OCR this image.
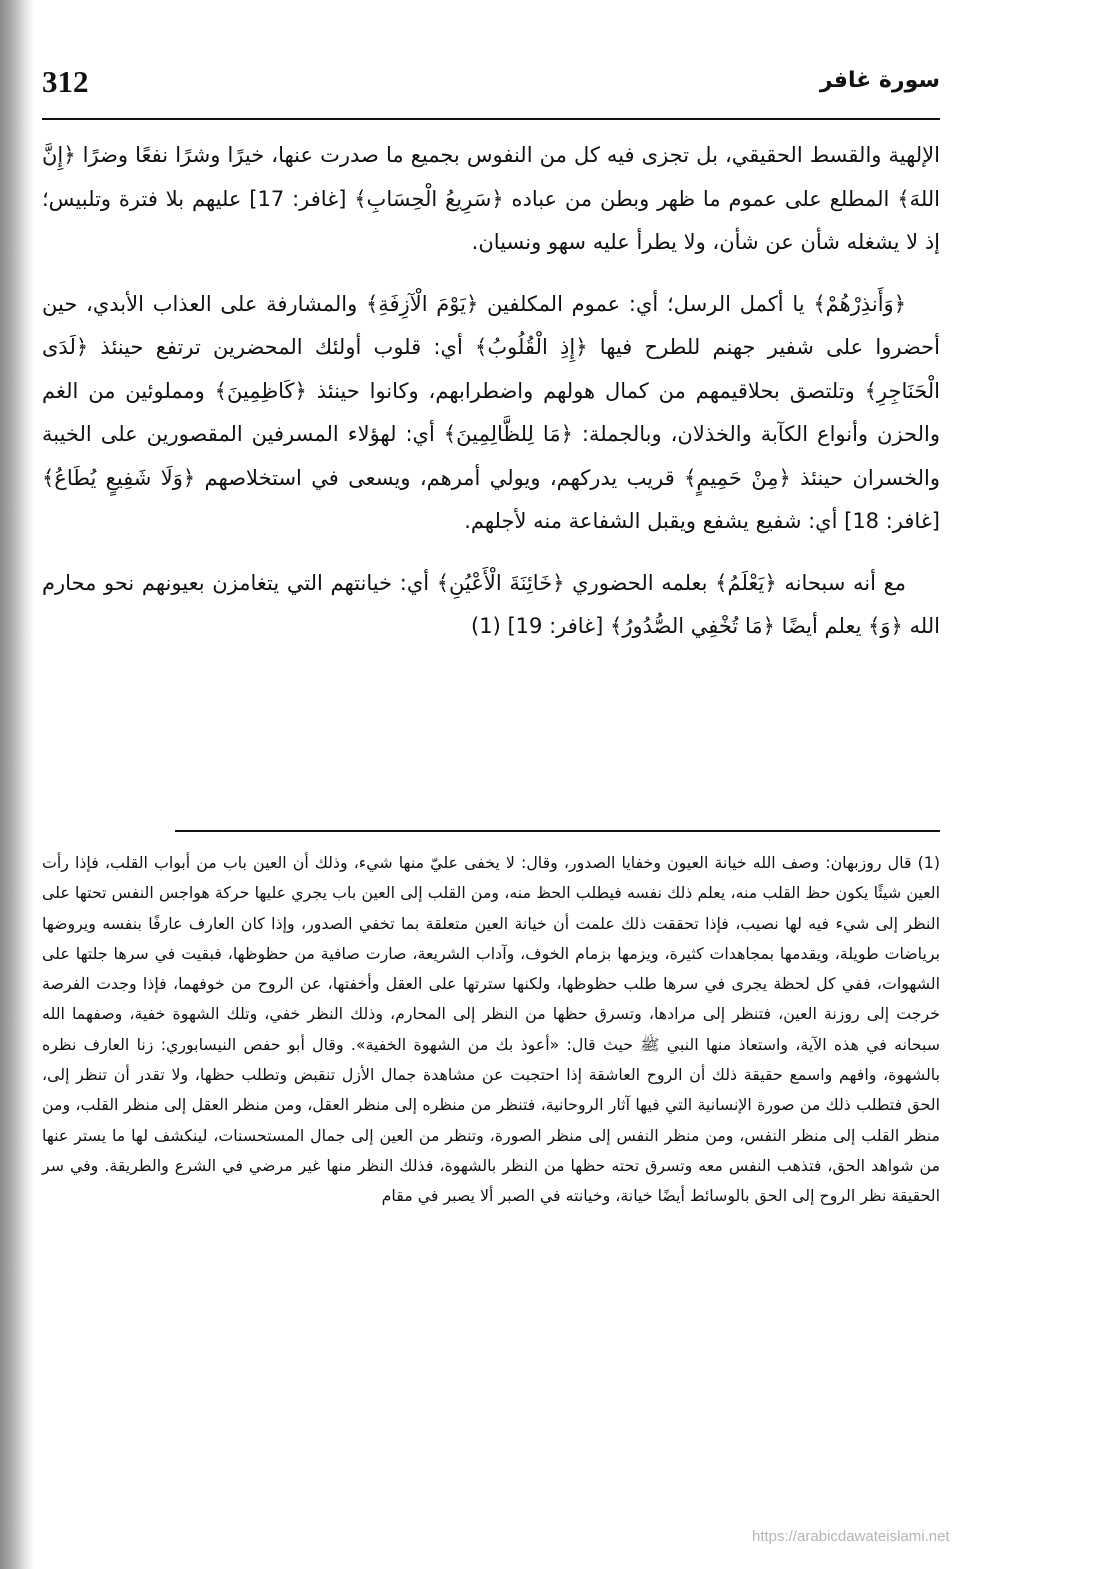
312	سورة غافر

الإلهية والقسط الحقيقي، بل تجزى فيه كل من النفوس بجميع ما صدرت عنها، خيرًا وشرًا نفعًا وضرًا ﴿إِنَّ اللهَ﴾ المطلع على عموم ما ظهر وبطن من عباده ﴿سَرِيعُ الْحِسَابِ﴾ [غافر: 17] عليهم بلا فترة وتلبيس؛ إذ لا يشغله شأن عن شأن، ولا يطرأ عليه سهو ونسيان.

﴿وَأَنذِرْهُمْ﴾ يا أكمل الرسل؛ أي: عموم المكلفين ﴿يَوْمَ الْآزِفَةِ﴾ والمشارفة على العذاب الأبدي، حين أحضروا على شفير جهنم للطرح فيها ﴿إِذِ الْقُلُوبُ﴾ أي: قلوب أولئك المحضرين ترتفع حينئذ ﴿لَدَى الْحَنَاجِرِ﴾ وتلتصق بحلاقيمهم من كمال هولهم واضطرابهم، وكانوا حينئذ ﴿كَاظِمِينَ﴾ ومملوئين من الغم والحزن وأنواع الكآبة والخذلان، وبالجملة: ﴿مَا لِلظَّالِمِينَ﴾ أي: لهؤلاء المسرفين المقصورين على الخيبة والخسران حينئذ ﴿مِنْ حَمِيمٍ﴾ قريب يدركهم، ويولي أمرهم، ويسعى في استخلاصهم ﴿وَلَا شَفِيعٍ يُطَاعُ﴾ [غافر: 18] أي: شفيع يشفع ويقبل الشفاعة منه لأجلهم.

مع أنه سبحانه ﴿يَعْلَمُ﴾ بعلمه الحضوري ﴿خَائِنَةَ الْأَعْيُنِ﴾ أي: خيانتهم التي يتغامزن بعيونهم نحو محارم الله ﴿وَ﴾ يعلم أيضًا ﴿مَا تُخْفِي الصُّدُورُ﴾ [غافر: 19] (1)

(1) قال روزبهان: وصف الله خيانة العيون وخفايا الصدور، وقال: لا يخفى عليّ منها شيء، وذلك أن العين باب من أبواب القلب، فإذا رأت العين شيئًا يكون حظ القلب منه، يعلم ذلك نفسه فيطلب الحظ منه، ومن القلب إلى العين باب يجري عليها حركة هواجس النفس تحتها على النظر إلى شيء فيه لها نصيب، فإذا تحققت ذلك علمت أن خيانة العين متعلقة بما تخفي الصدور، وإذا كان العارف عارفًا بنفسه ويروضها برياضات طويلة، ويقدمها بمجاهدات كثيرة، ويزمها بزمام الخوف، وآداب الشريعة، صارت صافية من حظوظها، فبقيت في سرها جلتها على الشهوات، ففي كل لحظة يجرى في سرها طلب حظوظها، ولكنها سترتها على العقل وأخفتها، عن الروح من خوفهما، فإذا وجدت الفرصة خرجت إلى روزنة العين، فتنظر إلى مرادها، وتسرق حظها من النظر إلى المحارم، وذلك النظر خفي، وتلك الشهوة خفية، وصفهما الله سبحانه في هذه الآية، واستعاذ منها النبي ﷺ حيث قال: «أعوذ بك من الشهوة الخفية». وقال أبو حفص النيسابوري: زنا العارف نظره بالشهوة، وافهم واسمع حقيقة ذلك أن الروح العاشقة إذا احتجبت عن مشاهدة جمال الأزل تنقبض وتطلب حظها، ولا تقدر أن تنظر إلى، الحق فتطلب ذلك من صورة الإنسانية التي فيها آثار الروحانية، فتنظر من منظره إلى منظر العقل، ومن منظر العقل إلى منظر القلب، ومن منظر القلب إلى منظر النفس، ومن منظر النفس إلى منظر الصورة، وتنظر من العين إلى جمال المستحسنات، لينكشف لها ما يستر عنها من شواهد الحق، فتذهب النفس معه وتسرق تحته حظها من النظر بالشهوة، فذلك النظر منها غير مرضي في الشرع والطريقة. وفي سر الحقيقة نظر الروح إلى الحق بالوسائط أيضًا خيانة، وخيانته في الصبر ألا يصبر في مقام

https://arabicdawateislami.net
